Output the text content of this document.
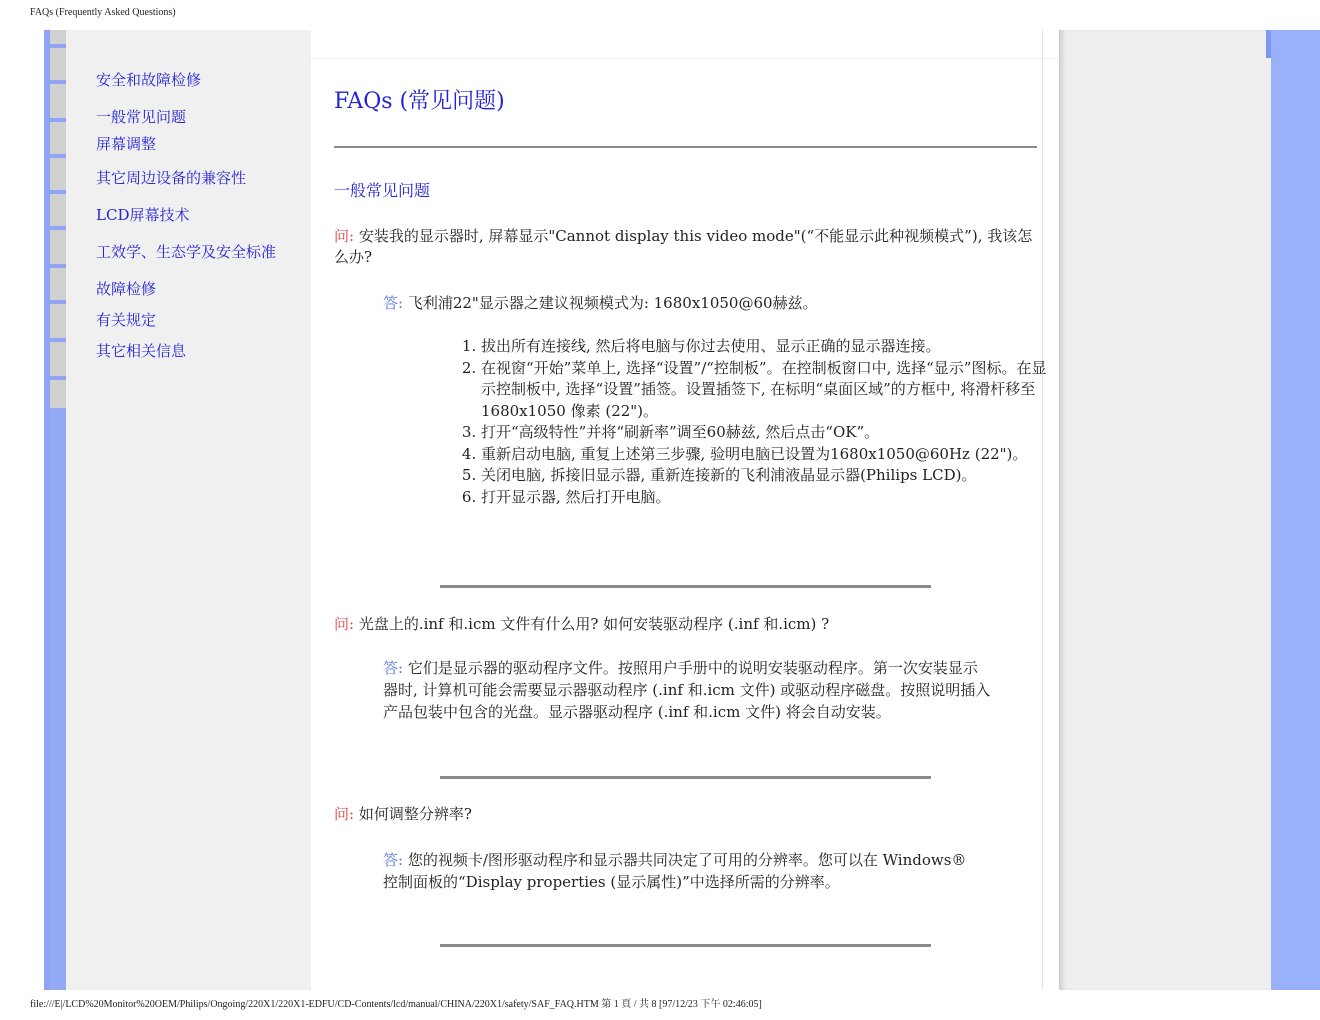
FAQs (Frequently Asked Questions)
安全和故障检修
一般常见问题
屏幕调整
其它周边设备的兼容性
LCD屏幕技术
工效学、生态学及安全标准
故障检修
有关规定
其它相关信息
FAQs (常见问题)
一般常见问题
问: 安装我的显示器时, 屏幕显示"Cannot display this video mode"(“不能显示此种视频模式”), 我该怎么办?
答: 飞利浦22"显示器之建议视频模式为: 1680x1050@60赫兹。
1. 拔出所有连接线, 然后将电脑与你过去使用、显示正确的显示器连接。
2. 在视窗“开始”菜单上, 选择“设置”/“控制板”。在控制板窗口中, 选择“显示”图标。在显示控制板中, 选择“设置”插签。设置插签下, 在标明“桌面区域”的方框中, 将滑杆移至 1680x1050 像素 (22")。
3. 打开“高级特性”并将“刷新率”调至60赫兹, 然后点击“OK”。
4. 重新启动电脑, 重复上述第三步骤, 验明电脑已设置为1680x1050@60Hz (22")。
5. 关闭电脑, 拆接旧显示器, 重新连接新的飞利浦液晶显示器(Philips LCD)。
6. 打开显示器, 然后打开电脑。
问: 光盘上的.inf 和.icm 文件有什么用? 如何安装驱动程序 (.inf 和.icm) ?
答: 它们是显示器的驱动程序文件。按照用户手册中的说明安装驱动程序。第一次安装显示器时, 计算机可能会需要显示器驱动程序 (.inf 和.icm 文件) 或驱动程序磁盘。按照说明插入产品包装中包含的光盘。显示器驱动程序 (.inf 和.icm 文件) 将会自动安装。
问: 如何调整分辨率?
答: 您的视频卡/图形驱动程序和显示器共同决定了可用的分辨率。您可以在 Windows® 控制面板的“Display properties (显示属性)”中选择所需的分辨率。
file:///E|/LCD%20Monitor%20OEM/Philips/Ongoing/220X1/220X1-EDFU/CD-Contents/lcd/manual/CHINA/220X1/safety/SAF_FAQ.HTM 第 1 頁 / 共 8 [97/12/23 下午 02:46:05]
